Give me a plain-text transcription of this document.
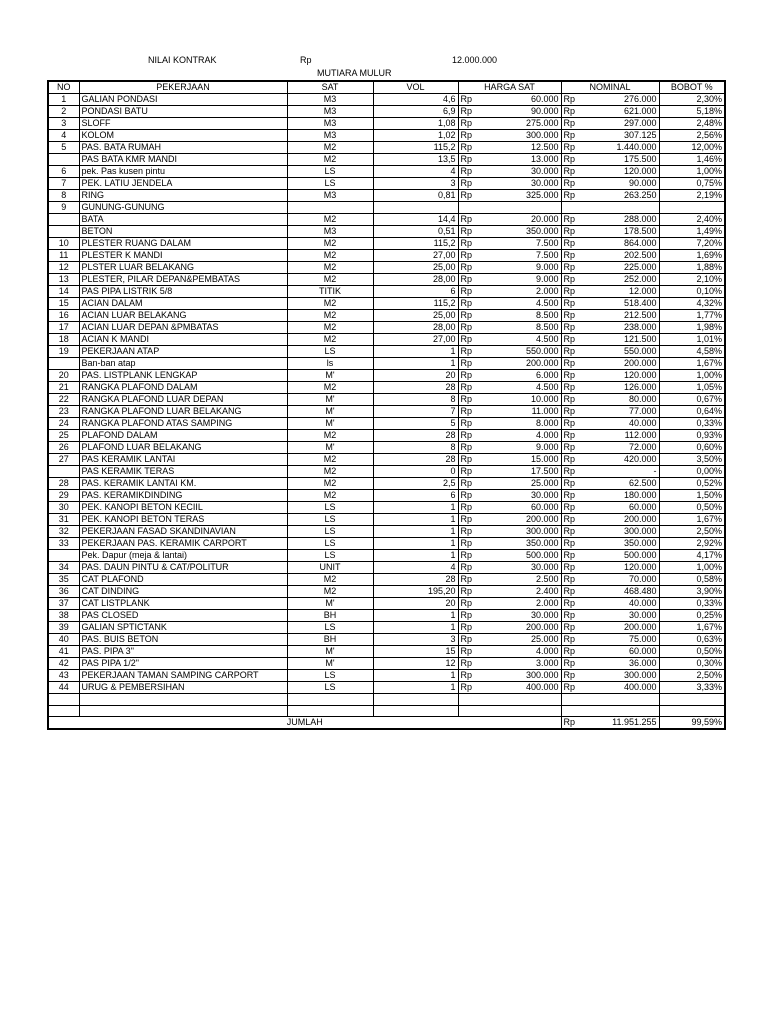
NILAI KONTRAK	Rp	12.000.000
MUTIARA MULUR
NO	PEKERJAAN	SAT	VOL	HARGA SAT		NOMINAL		BOBOT %
1	GALIAN PONDASI	M3	4,6	Rp	60.000	Rp	276.000	2,30%
2	PONDASI BATU	M3	6,9	Rp	90.000	Rp	621.000	5,18%
3	SLOFF	M3	1,08	Rp	275.000	Rp	297.000	2,48%
4	KOLOM	M3	1,02	Rp	300.000	Rp	307.125	2,56%
5	PAS. BATA RUMAH	M2	115,2	Rp	12.500	Rp	1.440.000	12,00%
	PAS BATA KMR MANDI	M2	13,5	Rp	13.000	Rp	175.500	1,46%
6	pek. Pas kusen pintu	LS	4	Rp	30.000	Rp	120.000	1,00%
7	PEK. LATIU JENDELA	LS	3	Rp	30.000	Rp	90.000	0,75%
8	RING	M3	0,81	Rp	325.000	Rp	263.250	2,19%
9	GUNUNG-GUNUNG							
	BATA	M2	14,4	Rp	20.000	Rp	288.000	2,40%
	BETON	M3	0,51	Rp	350.000	Rp	178.500	1,49%
10	PLESTER RUANG DALAM	M2	115,2	Rp	7.500	Rp	864.000	7,20%
11	PLESTER K MANDI	M2	27,00	Rp	7.500	Rp	202.500	1,69%
12	PLSTER LUAR BELAKANG	M2	25,00	Rp	9.000	Rp	225.000	1,88%
13	PLESTER, PILAR DEPAN&PEMBATAS	M2	28,00	Rp	9.000	Rp	252.000	2,10%
14	PAS PIPA LISTRIK 5/8	TITIK	6	Rp	2.000	Rp	12.000	0,10%
15	ACIAN DALAM	M2	115,2	Rp	4.500	Rp	518.400	4,32%
16	ACIAN LUAR BELAKANG	M2	25,00	Rp	8.500	Rp	212.500	1,77%
17	ACIAN LUAR DEPAN &PMBATAS	M2	28,00	Rp	8.500	Rp	238.000	1,98%
18	ACIAN K MANDI	M2	27,00	Rp	4.500	Rp	121.500	1,01%
19	PEKERJAAN ATAP	LS	1	Rp	550.000	Rp	550.000	4,58%
	Ban-ban atap	ls	1	Rp	200.000	Rp	200.000	1,67%
20	PAS. LISTPLANK LENGKAP	M'	20	Rp	6.000	Rp	120.000	1,00%
21	RANGKA PLAFOND DALAM	M2	28	Rp	4.500	Rp	126.000	1,05%
22	RANGKA PLAFOND LUAR DEPAN	M'	8	Rp	10.000	Rp	80.000	0,67%
23	RANGKA PLAFOND LUAR BELAKANG	M'	7	Rp	11.000	Rp	77.000	0,64%
24	RANGKA PLAFOND ATAS SAMPING	M'	5	Rp	8.000	Rp	40.000	0,33%
25	PLAFOND DALAM	M2	28	Rp	4.000	Rp	112.000	0,93%
26	PLAFOND LUAR BELAKANG	M'	8	Rp	9.000	Rp	72.000	0,60%
27	PAS KERAMIK LANTAI	M2	28	Rp	15.000	Rp	420.000	3,50%
	PAS KERAMIK TERAS	M2	0	Rp	17.500	Rp	-	0,00%
28	PAS. KERAMIK LANTAI KM.	M2	2,5	Rp	25.000	Rp	62.500	0,52%
29	PAS. KERAMIKDINDING	M2	6	Rp	30.000	Rp	180.000	1,50%
30	PEK. KANOPI BETON KECIIL	LS	1	Rp	60.000	Rp	60.000	0,50%
31	PEK. KANOPI BETON TERAS	LS	1	Rp	200.000	Rp	200.000	1,67%
32	PEKERJAAN FASAD SKANDINAVIAN	LS	1	Rp	300.000	Rp	300.000	2,50%
33	PEKERJAAN PAS. KERAMIK CARPORT	LS	1	Rp	350.000	Rp	350.000	2,92%
	Pek. Dapur (meja & lantai)	LS	1	Rp	500.000	Rp	500.000	4,17%
34	PAS. DAUN PINTU & CAT/POLITUR	UNIT	4	Rp	30.000	Rp	120.000	1,00%
35	CAT PLAFOND	M2	28	Rp	2.500	Rp	70.000	0,58%
36	CAT DINDING	M2	195,20	Rp	2.400	Rp	468.480	3,90%
37	CAT LISTPLANK	M'	20	Rp	2.000	Rp	40.000	0,33%
38	PAS CLOSED	BH	1	Rp	30.000	Rp	30.000	0,25%
39	GALIAN SPTICTANK	LS	1	Rp	200.000	Rp	200.000	1,67%
40	PAS. BUIS BETON	BH	3	Rp	25.000	Rp	75.000	0,63%
41	PAS. PIPA 3"	M'	15	Rp	4.000	Rp	60.000	0,50%
42	PAS PIPA 1/2"	M'	12	Rp	3.000	Rp	36.000	0,30%
43	PEKERJAAN TAMAN SAMPING CARPORT	LS	1	Rp	300.000	Rp	300.000	2,50%
44	URUG & PEMBERSIHAN	LS	1	Rp	400.000	Rp	400.000	3,33%

JUMLAH						Rp	11.951.255	99,59%
